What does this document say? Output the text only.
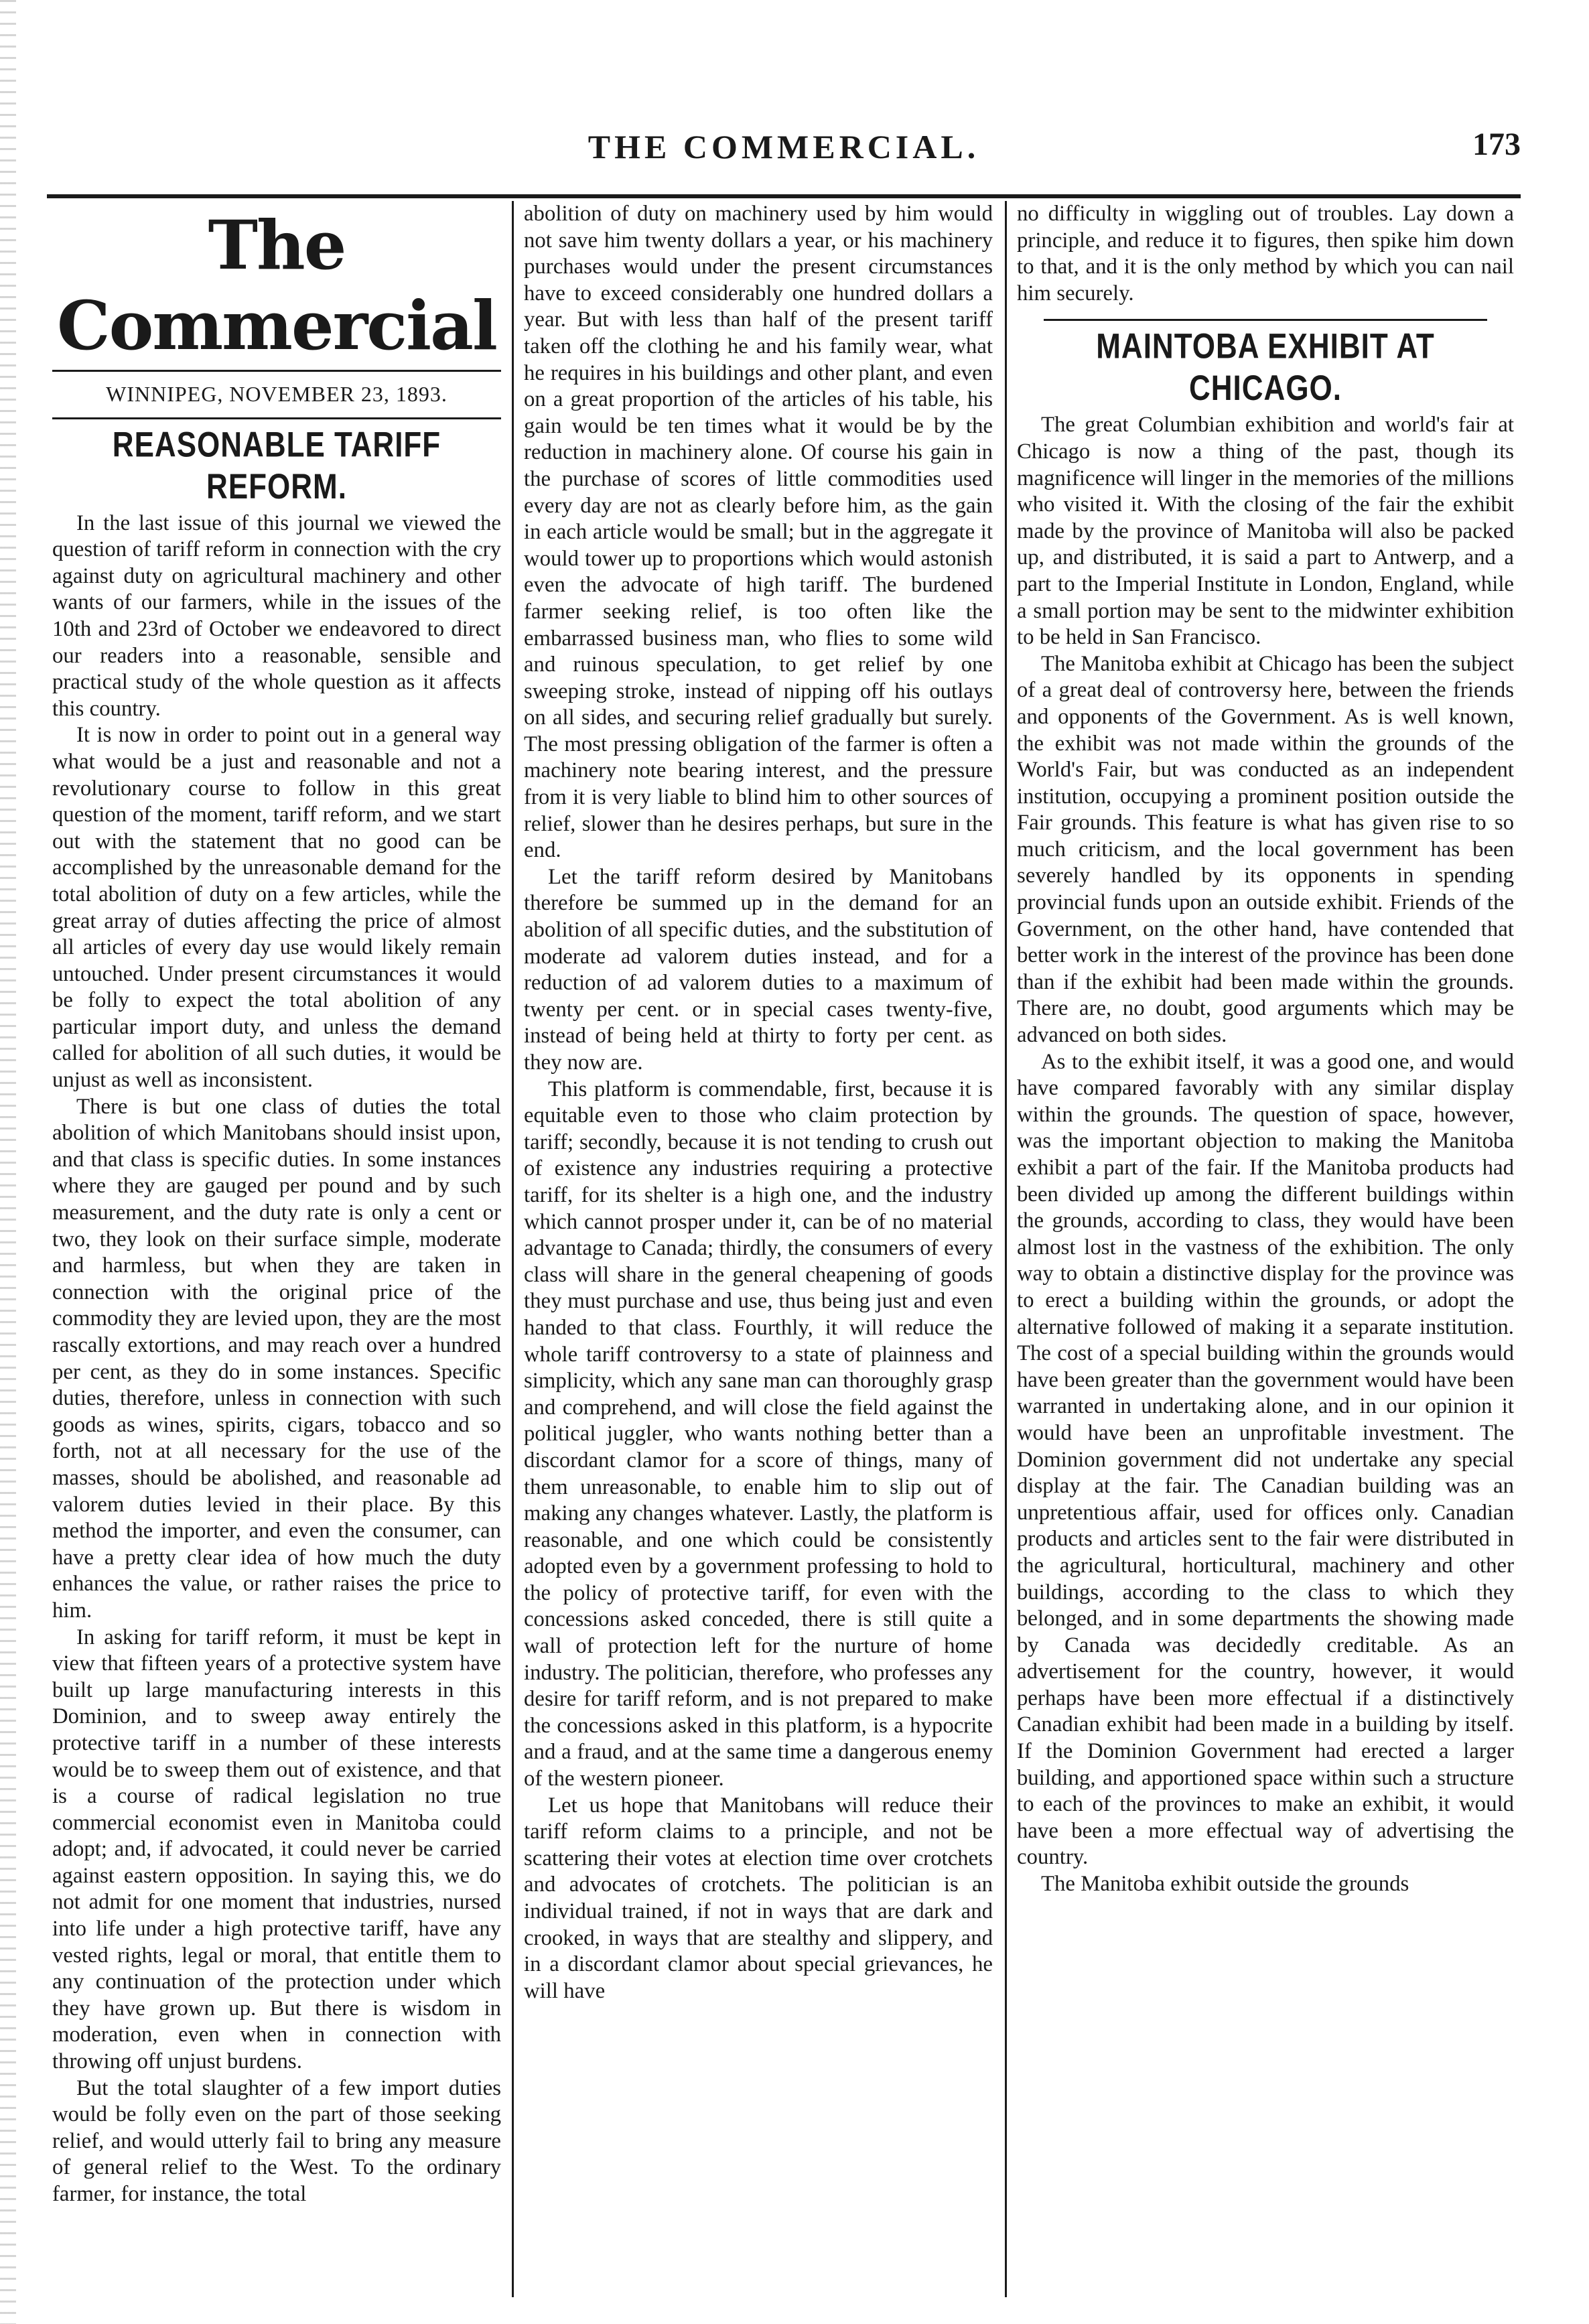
THE COMMERCIAL.	173
The Commercial
WINNIPEG, NOVEMBER 23, 1893.
REASONABLE TARIFF REFORM.

In the last issue of this journal we viewed the question of tariff reform in connection with the cry against duty on agricultural machinery and other wants of our farmers, while in the issues of the 10th and 23rd of October we endeavored to direct our readers into a reasonable, sensible and practical study of the whole question as it affects this country.

It is now in order to point out in a general way what would be a just and reasonable and not a revolutionary course to follow in this great question of the moment, tariff reform, and we start out with the statement that no good can be accomplished by the unreasonable demand for the total abolition of duty on a few articles, while the great array of duties affecting the price of almost all articles of every day use would likely remain untouched. Under present circumstances it would be folly to expect the total abolition of any particular import duty, and unless the demand called for abolition of all such duties, it would be unjust as well as inconsistent.

There is but one class of duties the total abolition of which Manitobans should insist upon, and that class is specific duties. In some instances where they are gauged per pound and by such measurement, and the duty rate is only a cent or two, they look on their surface simple, moderate and harmless, but when they are taken in connection with the original price of the commodity they are levied upon, they are the most rascally extortions, and may reach over a hundred per cent, as they do in some instances. Specific duties, therefore, unless in connection with such goods as wines, spirits, cigars, tobacco and so forth, not at all necessary for the use of the masses, should be abolished, and reasonable ad valorem duties levied in their place. By this method the importer, and even the consumer, can have a pretty clear idea of how much the duty enhances the value, or rather raises the price to him.

In asking for tariff reform, it must be kept in view that fifteen years of a protective system have built up large manufacturing interests in this Dominion, and to sweep away entirely the protective tariff in a number of these interests would be to sweep them out of existence, and that is a course of radical legislation no true commercial economist even in Manitoba could adopt; and, if advocated, it could never be carried against eastern opposition. In saying this, we do not admit for one moment that industries, nursed into life under a high protective tariff, have any vested rights, legal or moral, that entitle them to any continuation of the protection under which they have grown up. But there is wisdom in moderation, even when in connection with throwing off unjust burdens.

But the total slaughter of a few import duties would be folly even on the part of those seeking relief, and would utterly fail to bring any measure of general relief to the West. To the ordinary farmer, for instance, the total

abolition of duty on machinery used by him would not save him twenty dollars a year, or his machinery purchases would under the present circumstances have to exceed considerably one hundred dollars a year. But with less than half of the present tariff taken off the clothing he and his family wear, what he requires in his buildings and other plant, and even on a great proportion of the articles of his table, his gain would be ten times what it would be by the reduction in machinery alone. Of course his gain in the purchase of scores of little commodities used every day are not as clearly before him, as the gain in each article would be small; but in the aggregate it would tower up to proportions which would astonish even the advocate of high tariff. The burdened farmer seeking relief, is too often like the embarrassed business man, who flies to some wild and ruinous speculation, to get relief by one sweeping stroke, instead of nipping off his outlays on all sides, and securing relief gradually but surely. The most pressing obligation of the farmer is often a machinery note bearing interest, and the pressure from it is very liable to blind him to other sources of relief, slower than he desires perhaps, but sure in the end.

Let the tariff reform desired by Manitobans therefore be summed up in the demand for an abolition of all specific duties, and the substitution of moderate ad valorem duties instead, and for a reduction of ad valorem duties to a maximum of twenty per cent. or in special cases twenty-five, instead of being held at thirty to forty per cent. as they now are.

This platform is commendable, first, because it is equitable even to those who claim protection by tariff; secondly, because it is not tending to crush out of existence any industries requiring a protective tariff, for its shelter is a high one, and the industry which cannot prosper under it, can be of no material advantage to Canada; thirdly, the consumers of every class will share in the general cheapening of goods they must purchase and use, thus being just and even handed to that class. Fourthly, it will reduce the whole tariff controversy to a state of plainness and simplicity, which any sane man can thoroughly grasp and comprehend, and will close the field against the political juggler, who wants nothing better than a discordant clamor for a score of things, many of them unreasonable, to enable him to slip out of making any changes whatever. Lastly, the platform is reasonable, and one which could be consistently adopted even by a government professing to hold to the policy of protective tariff, for even with the concessions asked conceded, there is still quite a wall of protection left for the nurture of home industry. The politician, therefore, who professes any desire for tariff reform, and is not prepared to make the concessions asked in this platform, is a hypocrite and a fraud, and at the same time a dangerous enemy of the western pioneer.

Let us hope that Manitobans will reduce their tariff reform claims to a principle, and not be scattering their votes at election time over crotchets and advocates of crotchets. The politician is an individual trained, if not in ways that are dark and crooked, in ways that are stealthy and slippery, and in a discordant clamor about special grievances, he will have

no difficulty in wiggling out of troubles. Lay down a principle, and reduce it to figures, then spike him down to that, and it is the only method by which you can nail him securely.

MAINTOBA EXHIBIT AT CHICAGO.

The great Columbian exhibition and world's fair at Chicago is now a thing of the past, though its magnificence will linger in the memories of the millions who visited it. With the closing of the fair the exhibit made by the province of Manitoba will also be packed up, and distributed, it is said a part to Antwerp, and a part to the Imperial Institute in London, England, while a small portion may be sent to the midwinter exhibition to be held in San Francisco.

The Manitoba exhibit at Chicago has been the subject of a great deal of controversy here, between the friends and opponents of the Government. As is well known, the exhibit was not made within the grounds of the World's Fair, but was conducted as an independent institution, occupying a prominent position outside the Fair grounds. This feature is what has given rise to so much criticism, and the local government has been severely handled by its opponents in spending provincial funds upon an outside exhibit. Friends of the Government, on the other hand, have contended that better work in the interest of the province has been done than if the exhibit had been made within the grounds. There are, no doubt, good arguments which may be advanced on both sides.

As to the exhibit itself, it was a good one, and would have compared favorably with any similar display within the grounds. The question of space, however, was the important objection to making the Manitoba exhibit a part of the fair. If the Manitoba products had been divided up among the different buildings within the grounds, according to class, they would have been almost lost in the vastness of the exhibition. The only way to obtain a distinctive display for the province was to erect a building within the grounds, or adopt the alternative followed of making it a separate institution. The cost of a special building within the grounds would have been greater than the government would have been warranted in undertaking alone, and in our opinion it would have been an unprofitable investment. The Dominion government did not undertake any special display at the fair. The Canadian building was an unpretentious affair, used for offices only. Canadian products and articles sent to the fair were distributed in the agricultural, horticultural, machinery and other buildings, according to the class to which they belonged, and in some departments the showing made by Canada was decidedly creditable. As an advertisement for the country, however, it would perhaps have been more effectual if a distinctively Canadian exhibit had been made in a building by itself. If the Dominion Government had erected a larger building, and apportioned space within such a structure to each of the provinces to make an exhibit, it would have been a more effectual way of advertising the country.

The Manitoba exhibit outside the grounds
